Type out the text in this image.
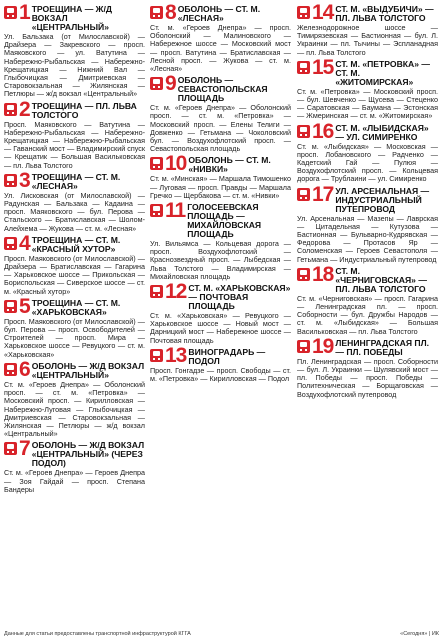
1 ТРОЕЩИНА — Ж/Д ВОКЗАЛ «ЦЕНТРАЛЬНЫЙ»
Ул. Бальзака (от Милославской) — Драйзера — Закревского — просп. Маяковского — ул. Ватутина — Набережно-Рыбальская — Набережно-Крещатицкая — Нижний Вал — Глыбочицкая — Дмитриевская — Старовокзальная — Жилянская — Петлюры — ж/д вокзал «Центральный»
2 ТРОЕЩИНА — ПЛ. ЛЬВА ТОЛСТОГО
Просп. Маяковского — Ватутина — Набережно-Рыбальская — Набережно-Крещатицкая — Набережно-Рыбальская — Гаванский мост — Владимирский спуск — Крещатик — Большая Васильковская — пл. Льва Толстого
3 ТРОЕЩИНА — СТ. М. «ЛЕСНАЯ»
Ул. Лисковская (от Милославской) — Радунская — Бальзака — Кадаина — просп. Маяковского — бул. Перова — Стальского — Братиславская — Шолом-Алейхема — Жукова — ст. м. «Лесная»
4 ТРОЕЩИНА — СТ. М. «КРАСНЫЙ ХУТОР»
Просп. Маяковского (от Милославской) — Драйзера — Братиславская — Гагарина — Харьковское шоссе — Прикольская — Бориспольская — Сиверское шоссе — ст. м. «Красный хутор»
5 ТРОЕЩИНА — СТ. М. «ХАРЬКОВСКАЯ»
Просп. Маяковского (от Милославской) — бул. Перова — просп. Освободителей — Строителей — просп. Мира — Харьковское шоссе — Ревуцкого — ст. м. «Харьковская»
6 ОБОЛОНЬ — Ж/Д ВОКЗАЛ «ЦЕНТРАЛЬНЫЙ»
Ст. м. «Героев Днепра» — Оболонский просп. — ст. м. «Петровка» — Московский просп. — Кирилловская — Набережно-Луговая — Глыбочицкая — Дмитриевская — Старовокзальная — Жилянская — Петлюры — ж/д вокзал «Центральный»
7 ОБОЛОНЬ — Ж/Д ВОКЗАЛ «ЦЕНТРАЛЬНЫЙ» (ЧЕРЕЗ ПОДОЛ)
Ст. м. «Героев Днепра» — Героев Днепра — Зоя Гайдай — просп. Степана Бандеры
8 ОБОЛОНЬ — СТ. М. «ЛЕСНАЯ»
Ст. м. «Героев Днепра» — просп. Оболонский — Малиновского — Набережное шоссе — Московский мост — просп. Ватутина — Братиславская — Лесной просп. — Жукова — ст. м. «Лесная»
9 ОБОЛОНЬ — СЕВАСТОПОЛЬСКАЯ ПЛОЩАДЬ
Ст. м. «Героев Днепра» — Оболонский просп. — ст. м. «Петровка» — Московский просп. — Елены Телиги — Довженко — Гетьмана — Чоколовский бул. — Воздухофлотский просп. — Севастопольская площадь
10 ОБОЛОНЬ — СТ. М. «НИВКИ»
Ст. м. «Минская» — Маршала Тимошенко — Луговая — просп. Правды — Маршала Гречко — Щербакова — ст. м. «Нивки»
11 ГОЛОСЕЕВСКАЯ ПЛОЩАДЬ — МИХАЙЛОВСКАЯ ПЛОЩАДЬ
Ул. Вильямса — Кольцевая дорога — просп. Воздухофлотский — Краснозвездный просп. — Лыбедская — Льва Толстого — Владимирская — Михайловская площадь
12 СТ. М. «ХАРЬКОВСКАЯ» — ПОЧТОВАЯ ПЛОЩАДЬ
Ст. м. «Харьковская» — Ревуцкого — Харьковское шоссе — Новый мост — Дарницкий мост — Набережное шоссе — Почтовая площадь
13 ВИНОГРАДАРЬ — ПОДОЛ
Просп. Гонгадзе — просп. Свободы — ст. м. «Петровка» — Кирилловская — Подол
14 СТ. М. «ВЫДУБИЧИ» — ПЛ. ЛЬВА ТОЛСТОГО
Железнодорожное шоссе — Тимирязевская — Бастионная — бул. Л. Украинки — пл. Тычины — Эспланадная — пл. Льва Толстого
15 СТ. М. «ПЕТРОВКА» — СТ. М. «ЖИТОМИРСКАЯ»
Ст. м. «Петровка» — Московский просп. — бул. Шевченко — Щусева — Стеценко — Саратовская — Баумана — Эстонская — Жмеринская — ст. м. «Житомирская»
16 СТ. М. «ЛЫБИДСКАЯ» — УЛ. СИМИРЕНКО
Ст. м. «Лыбидская» — Московская — просп. Лобановского — Радченко — Кадетский Гай — Пулюя — Воздухофлотский просп. — Кольцевая дорога — Трублаини — ул. Симиренко
17 УЛ. АРСЕНАЛЬНАЯ — ИНДУСТРИАЛЬНЫЙ ПУТЕПРОВОД
Ул. Арсенальная — Мазепы — Лаврская — Цитадельная — Кутузова — Бастионная — Бульварно-Кудрявская — Федорова — Протасов Яр — Соломенская — Героев Севастополя — Гетьмана — Индустриальный путепровод
18 СТ. М. «ЧЕРНИГОВСКАЯ» — ПЛ. ЛЬВА ТОЛСТОГО
Ст. м. «Черниговская» — просп. Гагарина — Ленинградская пл. — просп. Соборности — бул. Дружбы Народов — ст. м. «Лыбидская» — Большая Васильковская — пл. Льва Толстого
19 ЛЕНИНГРАДСКАЯ ПЛ. — ПЛ. ПОБЕДЫ
Пл. Ленинградская — просп. Соборности — бул. Л. Украинки — Шулявский мост — пл. Победы — просп. Победы — Политехническая — Борщаговская — Воздухофлотский путепровод
Данные для статьи предоставлены транспортной инфраструктурой КГГА	«Сегодня» | ИК
